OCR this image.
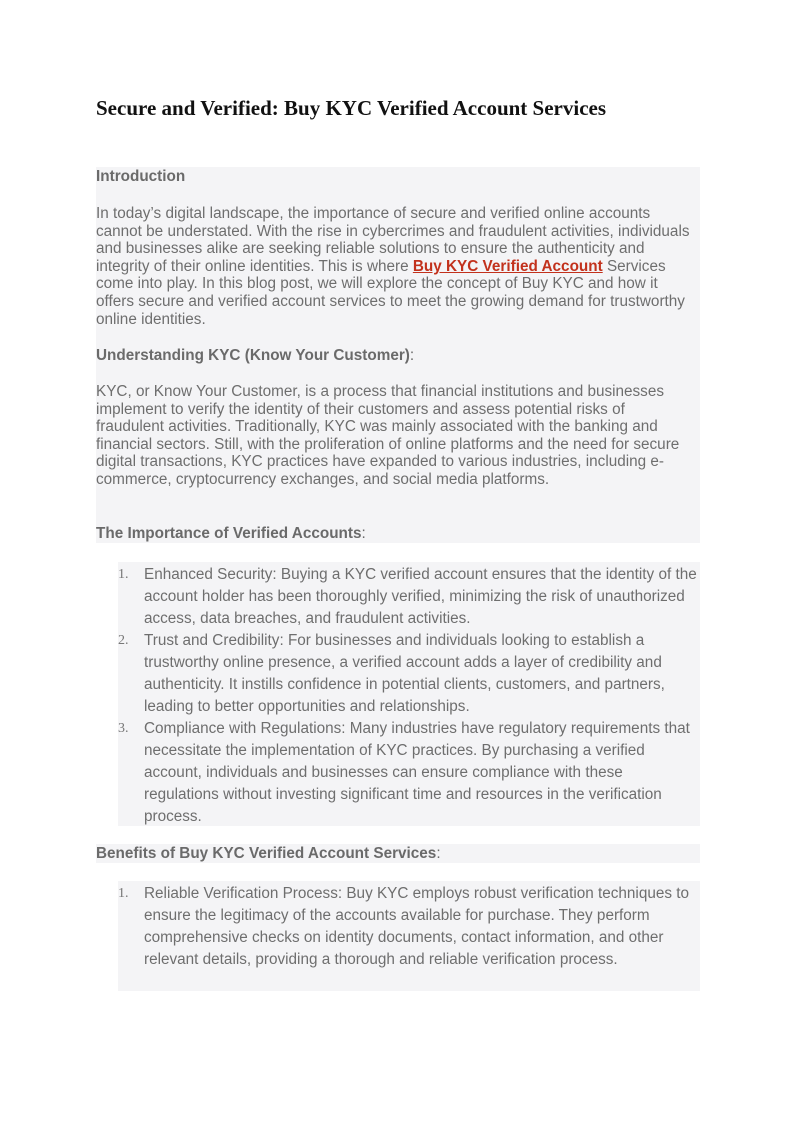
Secure and Verified: Buy KYC Verified Account Services

Introduction

In today’s digital landscape, the importance of secure and verified online accounts cannot be understated. With the rise in cybercrimes and fraudulent activities, individuals and businesses alike are seeking reliable solutions to ensure the authenticity and integrity of their online identities. This is where Buy KYC Verified Account Services come into play. In this blog post, we will explore the concept of Buy KYC and how it offers secure and verified account services to meet the growing demand for trustworthy online identities.

Understanding KYC (Know Your Customer):

KYC, or Know Your Customer, is a process that financial institutions and businesses implement to verify the identity of their customers and assess potential risks of fraudulent activities. Traditionally, KYC was mainly associated with the banking and financial sectors. Still, with the proliferation of online platforms and the need for secure digital transactions, KYC practices have expanded to various industries, including e-commerce, cryptocurrency exchanges, and social media platforms.

The Importance of Verified Accounts:

1. Enhanced Security: Buying a KYC verified account ensures that the identity of the account holder has been thoroughly verified, minimizing the risk of unauthorized access, data breaches, and fraudulent activities.
2. Trust and Credibility: For businesses and individuals looking to establish a trustworthy online presence, a verified account adds a layer of credibility and authenticity. It instills confidence in potential clients, customers, and partners, leading to better opportunities and relationships.
3. Compliance with Regulations: Many industries have regulatory requirements that necessitate the implementation of KYC practices. By purchasing a verified account, individuals and businesses can ensure compliance with these regulations without investing significant time and resources in the verification process.

Benefits of Buy KYC Verified Account Services:

1. Reliable Verification Process: Buy KYC employs robust verification techniques to ensure the legitimacy of the accounts available for purchase. They perform comprehensive checks on identity documents, contact information, and other relevant details, providing a thorough and reliable verification process.
